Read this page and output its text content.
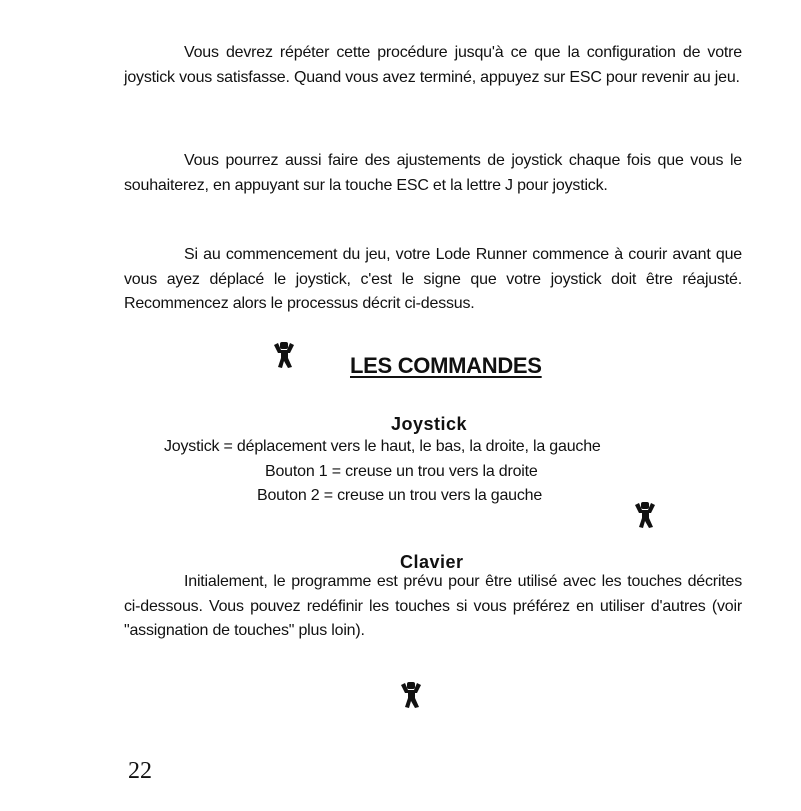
Vous devrez répéter cette procédure jusqu'à ce que la configuration de votre joystick vous satisfasse. Quand vous avez terminé, appuyez sur ESC pour revenir au jeu.

Vous pourrez aussi faire des ajustements de joystick chaque fois que vous le souhaiterez, en appuyant sur la touche ESC et la lettre J pour joystick.

Si au commencement du jeu, votre Lode Runner commence à courir avant que vous ayez déplacé le joystick, c'est le signe que votre joystick doit être réajusté. Recommencez alors le processus décrit ci-dessus.

LES COMMANDES
Joystick

Joystick = déplacement vers le haut, le bas, la droite, la gauche

Bouton 1 = creuse un trou vers la droite

Bouton 2 = creuse un trou vers la gauche

Clavier

Initialement, le programme est prévu pour être utilisé avec les touches décrites ci-dessous. Vous pouvez redéfinir les touches si vous préférez en utiliser d'autres (voir "assignation de touches" plus loin).

22
